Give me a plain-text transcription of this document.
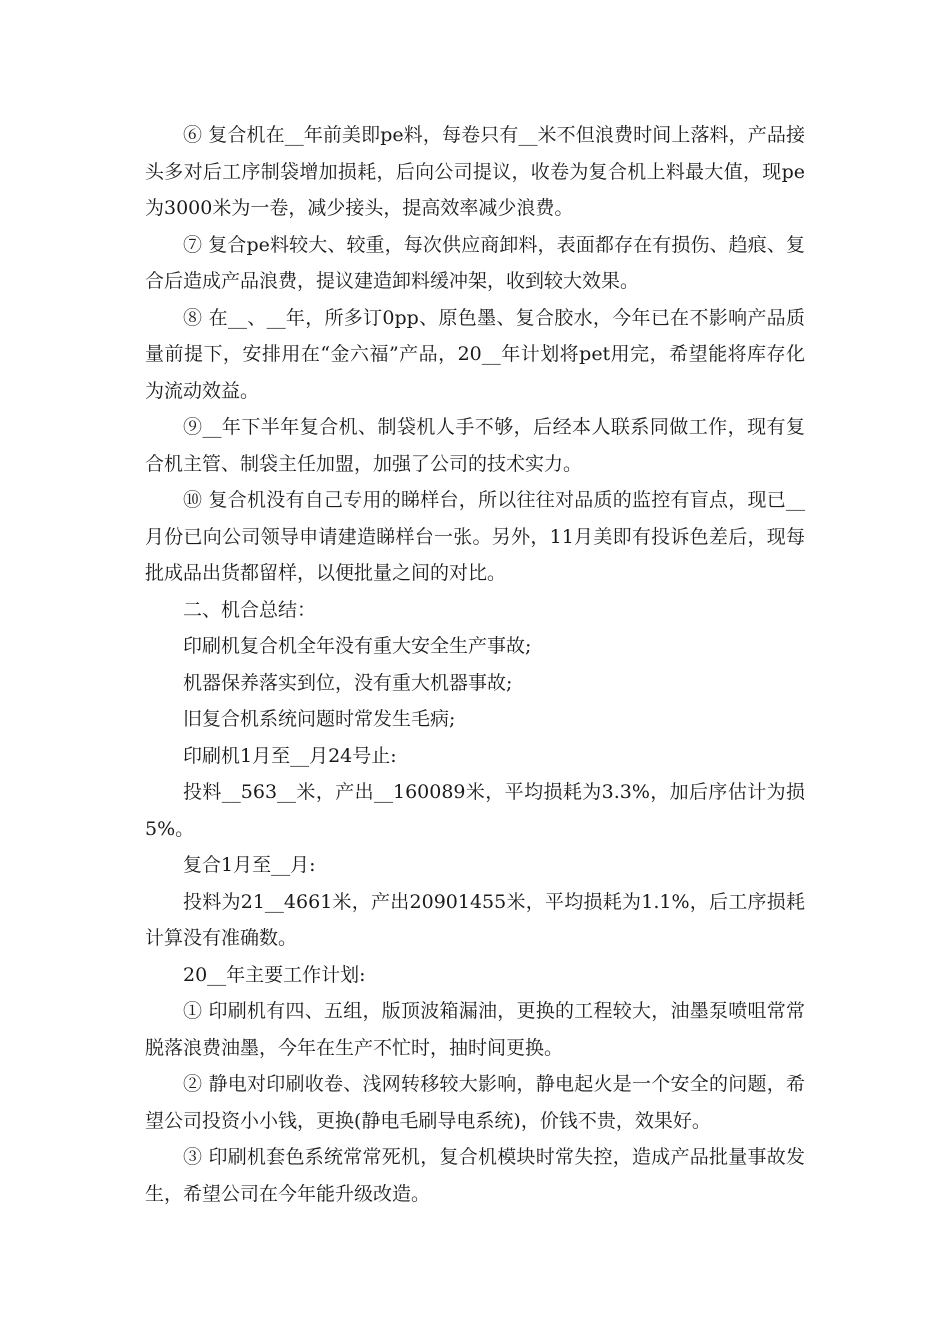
⑥ 复合机在__年前美即pe料，每卷只有__米不但浪费时间上落料，产品接头多对后工序制袋增加损耗，后向公司提议，收卷为复合机上料最大值，现pe为3000米为一卷，减少接头，提高效率减少浪费。

⑦ 复合pe料较大、较重，每次供应商卸料，表面都存在有损伤、趋痕、复合后造成产品浪费，提议建造卸料缓冲架，收到较大效果。

⑧ 在__、__年，所多订0pp、原色墨、复合胶水，今年已在不影响产品质量前提下，安排用在“金六福”产品，20__年计划将pet用完，希望能将库存化为流动效益。

⑨__年下半年复合机、制袋机人手不够，后经本人联系同做工作，现有复合机主管、制袋主任加盟，加强了公司的技术实力。

⑩ 复合机没有自己专用的睇样台，所以往往对品质的监控有盲点，现已__月份已向公司领导申请建造睇样台一张。另外，11月美即有投诉色差后，现每批成品出货都留样，以便批量之间的对比。

二、机合总结：

印刷机复合机全年没有重大安全生产事故;

机器保养落实到位，没有重大机器事故;

旧复合机系统问题时常发生毛病;

印刷机1月至__月24号止:

投料__563__米，产出__160089米，平均损耗为3.3%，加后序估计为损5%。

复合1月至__月:

投料为21__4661米，产出20901455米，平均损耗为1.1%，后工序损耗计算没有准确数。

20__年主要工作计划:

① 印刷机有四、五组，版顶波箱漏油，更换的工程较大，油墨泵喷咀常常脱落浪费油墨，今年在生产不忙时，抽时间更换。

② 静电对印刷收卷、浅网转移较大影响，静电起火是一个安全的问题，希望公司投资小小钱，更换(静电毛刷导电系统)，价钱不贵，效果好。

③ 印刷机套色系统常常死机，复合机模块时常失控，造成产品批量事故发生，希望公司在今年能升级改造。
